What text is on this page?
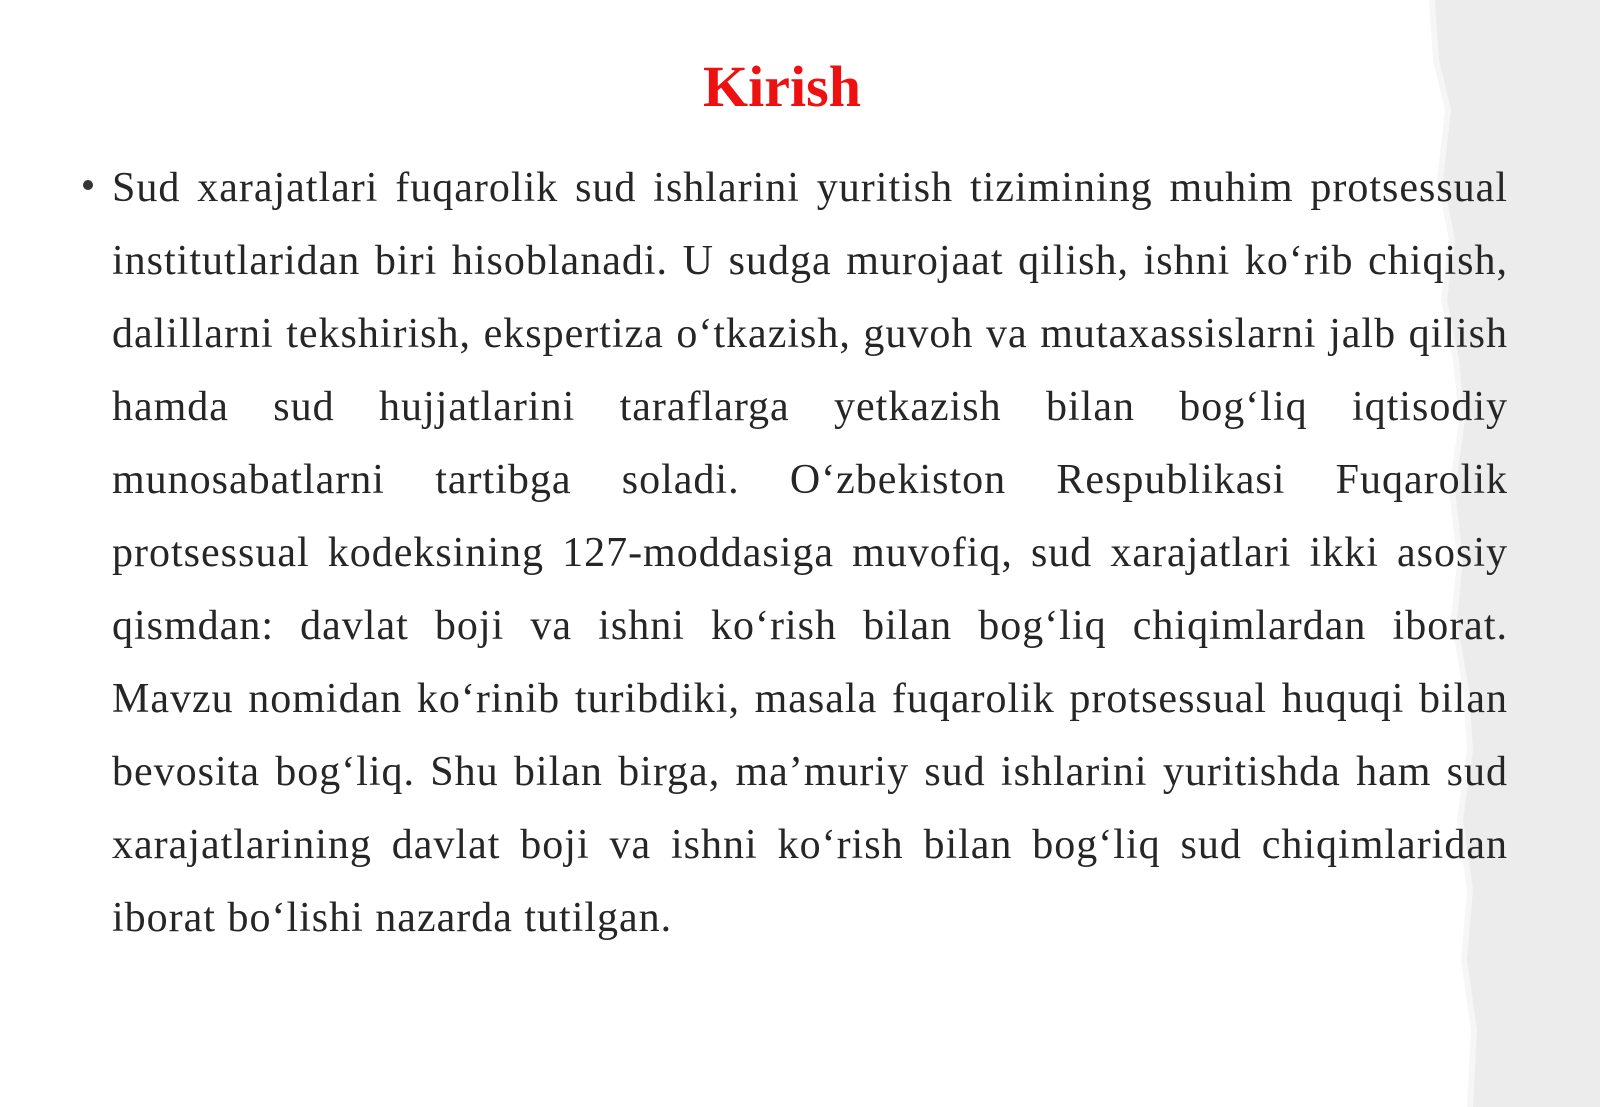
Kirish

Sud xarajatlari fuqarolik sud ishlarini yuritish tizimining muhim protsessual institutlaridan biri hisoblanadi. U sudga murojaat qilish, ishni ko‘rib chiqish, dalillarni tekshirish, ekspertiza o‘tkazish, guvoh va mutaxassislarni jalb qilish hamda sud hujjatlarini taraflarga yetkazish bilan bog‘liq iqtisodiy munosabatlarni tartibga soladi. O‘zbekiston Respublikasi Fuqarolik protsessual kodeksining 127-moddasiga muvofiq, sud xarajatlari ikki asosiy qismdan: davlat boji va ishni ko‘rish bilan bog‘liq chiqimlardan iborat. Mavzu nomidan ko‘rinib turibdiki, masala fuqarolik protsessual huquqi bilan bevosita bog‘liq. Shu bilan birga, ma’muriy sud ishlarini yuritishda ham sud xarajatlarining davlat boji va ishni ko‘rish bilan bog‘liq sud chiqimlaridan iborat bo‘lishi nazarda tutilgan.
